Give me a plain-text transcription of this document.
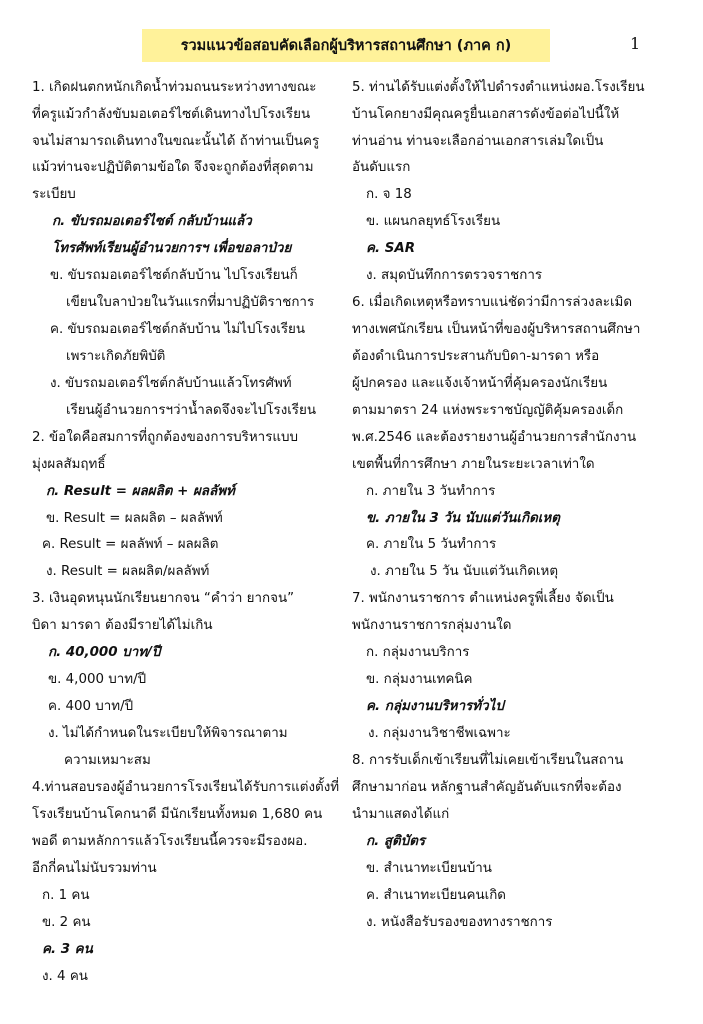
รวมแนวข้อสอบคัดเลือกผู้บริหารสถานศึกษา (ภาค ก)	1
1. เกิดฝนตกหนักเกิดน้ำท่วมถนนระหว่างทางขณะ
ที่ครูแม้วกำลังขับมอเตอร์ไซต์เดินทางไปโรงเรียน
จนไม่สามารถเดินทางในขณะนั้นได้ ถ้าท่านเป็นครู
แม้วท่านจะปฏิบัติตามข้อใด จึงจะถูกต้องที่สุดตาม
ระเบียบ
ก. ขับรถมอเตอร์ไซต์ กลับบ้านแล้ว
โทรศัพท์เรียนผู้อำนวยการฯ เพื่อขอลาป่วย
ข. ขับรถมอเตอร์ไซต์กลับบ้าน ไปโรงเรียนก็
เขียนใบลาป่วยในวันแรกที่มาปฏิบัติราชการ
ค. ขับรถมอเตอร์ไซต์กลับบ้าน ไม่ไปโรงเรียน
เพราะเกิดภัยพิบัติ
ง. ขับรถมอเตอร์ไซต์กลับบ้านแล้วโทรศัพท์
เรียนผู้อำนวยการฯว่าน้ำลดจึงจะไปโรงเรียน
2. ข้อใดคือสมการที่ถูกต้องของการบริหารแบบ
มุ่งผลสัมฤทธิ์
ก. Result = ผลผลิต + ผลลัพท์
ข. Result = ผลผลิต – ผลลัพท์
ค. Result = ผลลัพท์ – ผลผลิต
ง. Result = ผลผลิต/ผลลัพท์
3. เงินอุดหนุนนักเรียนยากจน “คำว่า ยากจน”
บิดา มารดา ต้องมีรายได้ไม่เกิน
ก. 40,000 บาท/ปี
ข. 4,000 บาท/ปี
ค. 400 บาท/ปี
ง. ไม่ได้กำหนดในระเบียบให้พิจารณาตาม
ความเหมาะสม
4.ท่านสอบรองผู้อำนวยการโรงเรียนได้รับการแต่งตั้งที่
โรงเรียนบ้านโคกนาดี มีนักเรียนทั้งหมด 1,680 คน
พอดี ตามหลักการแล้วโรงเรียนนี้ควรจะมีรองผอ.
อีกกี่คนไม่นับรวมท่าน
ก. 1 คน
ข. 2 คน
ค. 3 คน
ง. 4 คน
5. ท่านได้รับแต่งตั้งให้ไปดำรงตำแหน่งผอ.โรงเรียน
บ้านโคกยางมีคุณครูยื่นเอกสารดังข้อต่อไปนี้ให้
ท่านอ่าน ท่านจะเลือกอ่านเอกสารเล่มใดเป็น
อันดับแรก
ก. จ 18
ข. แผนกลยุทธ์โรงเรียน
ค. SAR
ง. สมุดบันทึกการตรวจราชการ
6. เมื่อเกิดเหตุหรือทราบแน่ชัดว่ามีการล่วงละเมิด
ทางเพศนักเรียน เป็นหน้าที่ของผู้บริหารสถานศึกษา
ต้องดำเนินการประสานกับบิดา-มารดา หรือ
ผู้ปกครอง และแจ้งเจ้าหน้าที่คุ้มครองนักเรียน
ตามมาตรา 24 แห่งพระราชบัญญัติคุ้มครองเด็ก
พ.ศ.2546 และต้องรายงานผู้อำนวยการสำนักงาน
เขตพื้นที่การศึกษา ภายในระยะเวลาเท่าใด
ก. ภายใน 3 วันทำการ
ข. ภายใน 3 วัน นับแต่วันเกิดเหตุ
ค. ภายใน 5 วันทำการ
ง. ภายใน 5 วัน นับแต่วันเกิดเหตุ
7. พนักงานราชการ ตำแหน่งครูพี่เลี้ยง จัดเป็น
พนักงานราชการกลุ่มงานใด
ก. กลุ่มงานบริการ
ข. กลุ่มงานเทคนิค
ค. กลุ่มงานบริหารทั่วไป
ง. กลุ่มงานวิชาชีพเฉพาะ
8. การรับเด็กเข้าเรียนที่ไม่เคยเข้าเรียนในสถาน
ศึกษามาก่อน หลักฐานสำคัญอันดับแรกที่จะต้อง
นำมาแสดงได้แก่
ก. สูติบัตร
ข. สำเนาทะเบียนบ้าน
ค. สำเนาทะเบียนคนเกิด
ง. หนังสือรับรองของทางราชการ
